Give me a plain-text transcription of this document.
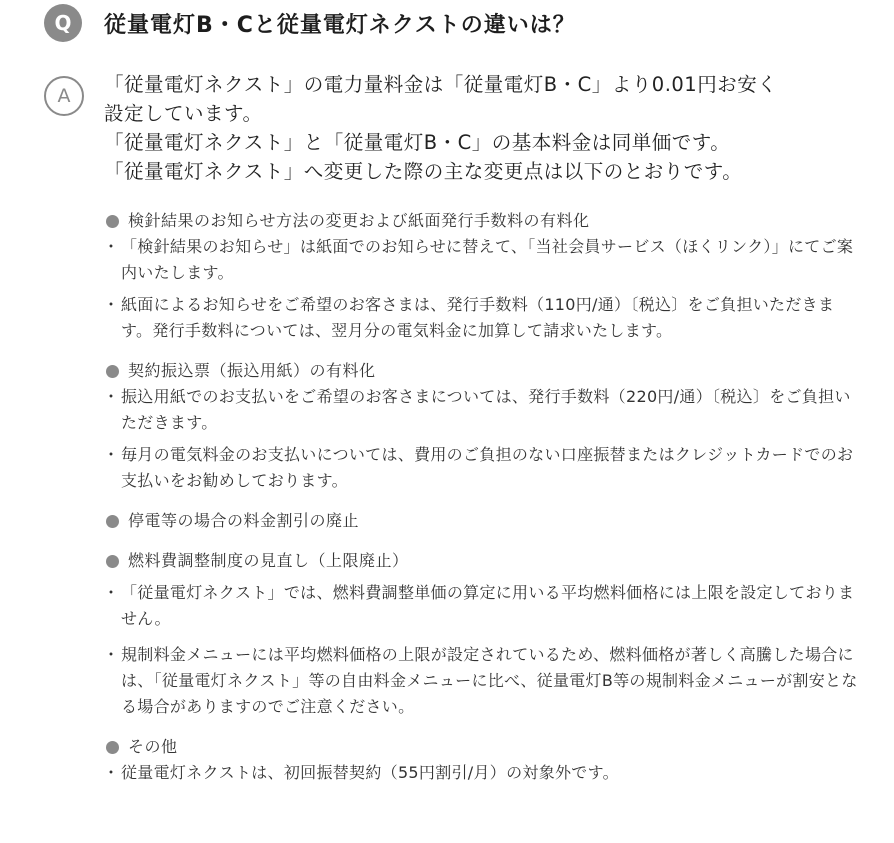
Q	従量電灯B・Cと従量電灯ネクストの違いは？
A	「従量電灯ネクスト」の電力量料金は「従量電灯B・C」より0.01円お安く
設定しています。
「従量電灯ネクスト」と「従量電灯B・C」の基本料金は同単価です。
「従量電灯ネクスト」へ変更した際の主な変更点は以下のとおりです。
検針結果のお知らせ方法の変更および紙面発行手数料の有料化
・ 「検針結果のお知らせ」は紙面でのお知らせに替えて、「当社会員サービス（ほくリンク）」にてご案内いたします。
・ 紙面によるお知らせをご希望のお客さまは、発行手数料（110円/通）〔税込〕をご負担いただきます。発行手数料については、翌月分の電気料金に加算して請求いたします。
契約振込票（振込用紙）の有料化
・ 振込用紙でのお支払いをご希望のお客さまについては、発行手数料（220円/通）〔税込〕をご負担いただきます。
・ 毎月の電気料金のお支払いについては、費用のご負担のない口座振替またはクレジットカードでのお支払いをお勧めしております。
停電等の場合の料金割引の廃止
燃料費調整制度の見直し（上限廃止）
・ 「従量電灯ネクスト」では、燃料費調整単価の算定に用いる平均燃料価格には上限を設定しておりません。
・ 規制料金メニューには平均燃料価格の上限が設定されているため、燃料価格が著しく高騰した場合には、「従量電灯ネクスト」等の自由料金メニューに比べ、従量電灯B等の規制料金メニューが割安となる場合がありますのでご注意ください。
その他
・ 従量電灯ネクストは、初回振替契約（55円割引/月）の対象外です。
